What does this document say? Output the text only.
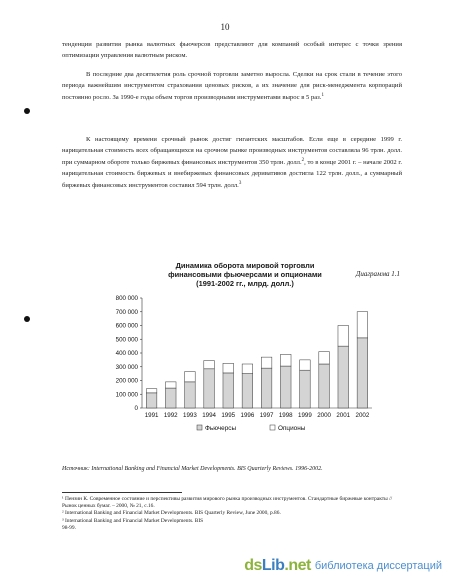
10

тенденции развития рынка валютных фьючерсов представляют для компаний особый интерес с точки зрения оптимизации управления валютным риском.

В последние два десятилетия роль срочной торговли заметно выросла. Сделки на срок стали в течение этого периода важнейшим инструментом страхования ценовых рисков, а их значение для риск-менеджмента корпораций постоянно росло. За 1990-е годы объем торгов производными инструментами вырос в 5 раз.$^1$

К настоящему времени срочный рынок достиг гигантских масштабов. Если еще в середине 1999 г. нарицательная стоимость всех обращающихся на срочном рынке производных инструментов составляла 96 трлн. долл. при суммарном обороте только биржевых финансовых инструментов 350 трлн. долл.$^2$, то в конце 2001 г. – начале 2002 г. нарицательная стоимость биржевых и внебиржевых финансовых деривативов достигла 122 трлн. долл., а суммарный биржевых финансовых инструментов составил 594 трлн. долл.$^3$

Диаграмма 1.1
Динамика оборота мировой торговли
финансовыми фьючерсами и опционами
(1991-2002 гг., млрд. долл.)
0
100 000
200 000
300 000
400 000
500 000
600 000
700 000
800 000
1991 1992 1993 1994 1995 1996 1997 1998 1999 2000 2001 2002
Фьючерсы	Опционы
Источник: International Banking and Financial Market Developments. BIS Quarterly Reviews. 1996-2002.
¹ Пензин К. Современное состояние и перспективы развития мирового рынка производных инструментов. Стандартные биржевые контракты // Рынок ценных бумаг. – 2000, № 21, с.16.
² International Banking and Financial Market Developments. BIS Quarterly Review, June 2000, p.86.
³ International Banking and Financial Market Developments. BIS
98-99.
dsLib.net библиотека диссертаций
